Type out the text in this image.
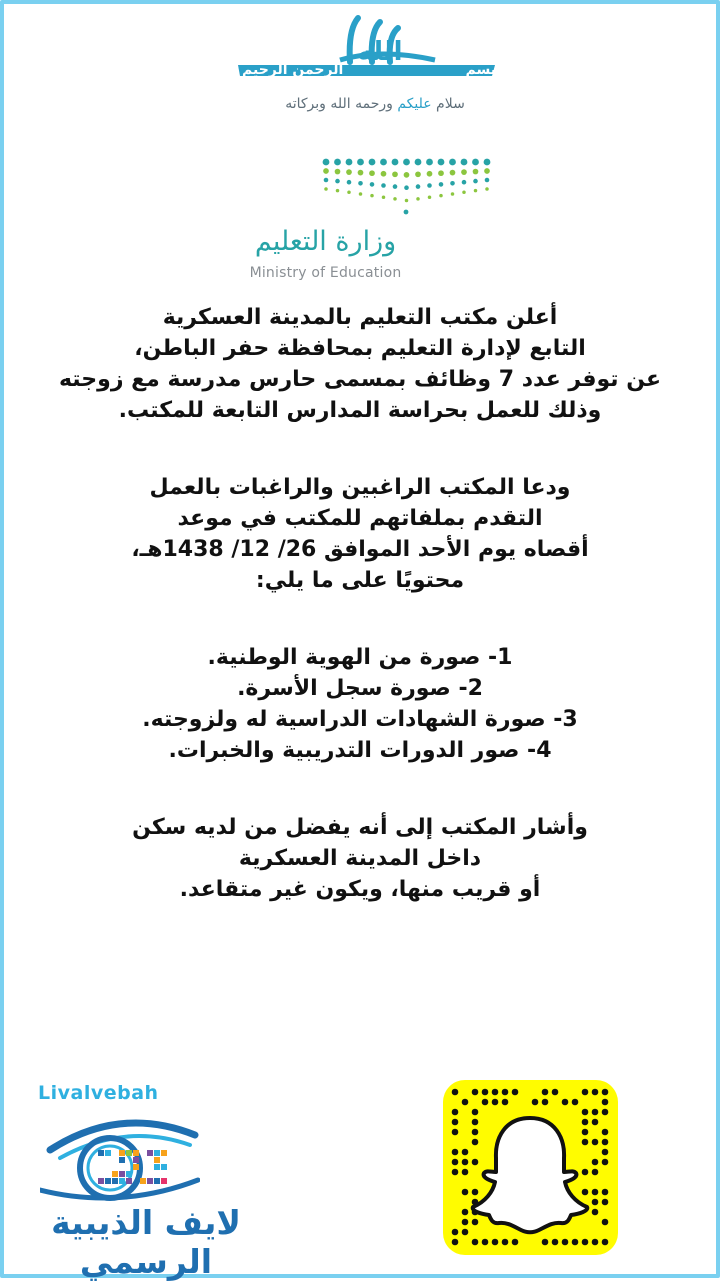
بسم
الله
الرحمن الرحيم
سلام عليكم ورحمه الله وبركاته
وزارة التعليم
Ministry of Education
أعلن مكتب التعليم بالمدينة العسكرية
التابع لإدارة التعليم بمحافظة حفر الباطن،
عن توفر عدد 7 وظائف بمسمى حارس مدرسة مع زوجته
وذلك للعمل بحراسة المدارس التابعة للمكتب.
ودعا المكتب الراغبين والراغبات بالعمل
التقدم بملفاتهم للمكتب في موعد
أقصاه يوم الأحد الموافق 26/ 12/ 1438هـ،
محتويًا على ما يلي:
1- صورة من الهوية الوطنية.
2- صورة سجل الأسرة.
3- صورة الشهادات الدراسية له ولزوجته.
4- صور الدورات التدريبية والخبرات.
وأشار المكتب إلى أنه يفضل من لديه سكن
داخل المدينة العسكرية
أو قريب منها، ويكون غير متقاعد.
Livalvebah
لايف الذيبية الرسمي
